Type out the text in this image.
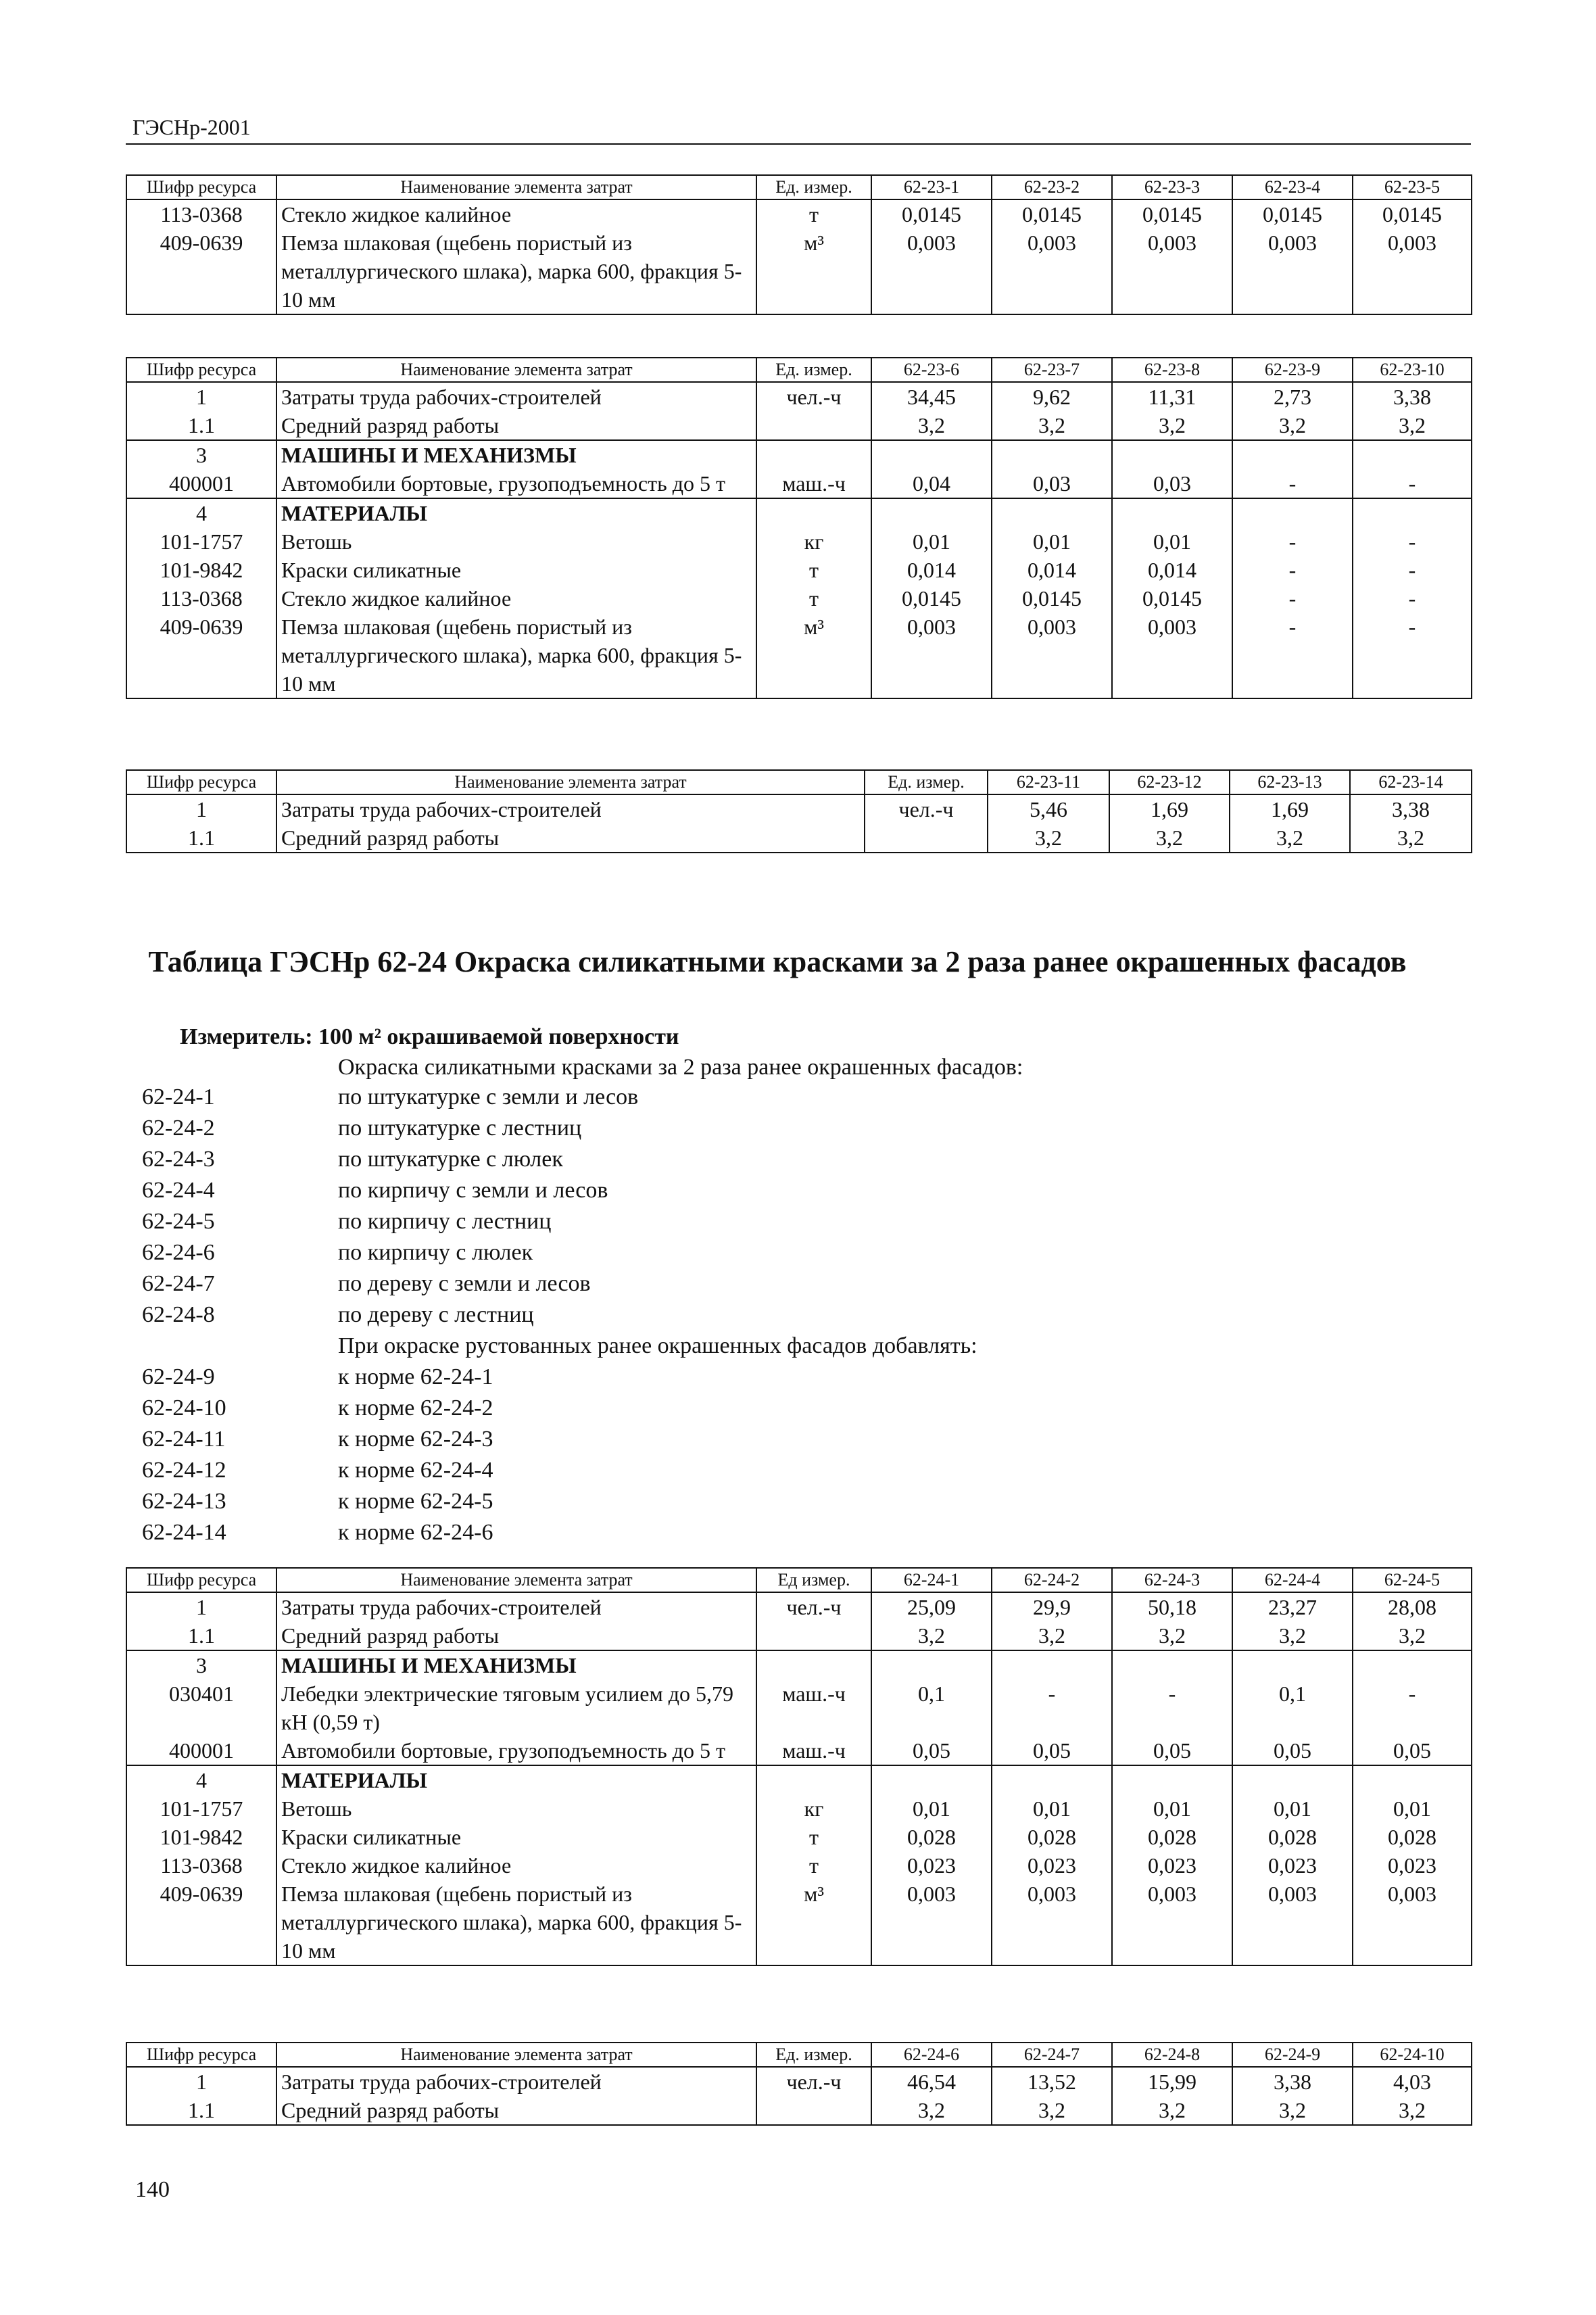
ГЭСНр-2001
Шифр ресурса	Наименование элемента затрат	Ед. измер.	62-23-1	62-23-2	62-23-3	62-23-4	62-23-5
113-0368	Стекло жидкое калийное	т	0,0145	0,0145	0,0145	0,0145	0,0145
409-0639	Пемза шлаковая (щебень пористый из металлургического шлака), марка 600, фракция 5-10 мм	м³	0,003	0,003	0,003	0,003	0,003
Шифр ресурса	Наименование элемента затрат	Ед. измер.	62-23-6	62-23-7	62-23-8	62-23-9	62-23-10
1	Затраты труда рабочих-строителей	чел.-ч	34,45	9,62	11,31	2,73	3,38
1.1	Средний разряд работы		3,2	3,2	3,2	3,2	3,2
3	МАШИНЫ И МЕХАНИЗМЫ						
400001	Автомобили бортовые, грузоподъемность до 5 т	маш.-ч	0,04	0,03	0,03	-	-
4	МАТЕРИАЛЫ						
101-1757	Ветошь	кг	0,01	0,01	0,01	-	-
101-9842	Краски силикатные	т	0,014	0,014	0,014	-	-
113-0368	Стекло жидкое калийное	т	0,0145	0,0145	0,0145	-	-
409-0639	Пемза шлаковая (щебень пористый из металлургического шлака), марка 600, фракция 5-10 мм	м³	0,003	0,003	0,003	-	-
Шифр ресурса	Наименование элемента затрат	Ед. измер.	62-23-11	62-23-12	62-23-13	62-23-14
1	Затраты труда рабочих-строителей	чел.-ч	5,46	1,69	1,69	3,38
1.1	Средний разряд работы		3,2	3,2	3,2	3,2
Таблица ГЭСНр 62-24 Окраска силикатными красками за 2 раза ранее окрашенных фасадов
Измеритель: 100 м² окрашиваемой поверхности
Окраска силикатными красками за 2 раза ранее окрашенных фасадов:
62-24-1	по штукатурке с земли и лесов
62-24-2	по штукатурке с лестниц
62-24-3	по штукатурке с люлек
62-24-4	по кирпичу с земли и лесов
62-24-5	по кирпичу с лестниц
62-24-6	по кирпичу с люлек
62-24-7	по дереву с земли и лесов
62-24-8	по дереву с лестниц
При окраске рустованных ранее окрашенных фасадов добавлять:
62-24-9	к норме 62-24-1
62-24-10	к норме 62-24-2
62-24-11	к норме 62-24-3
62-24-12	к норме 62-24-4
62-24-13	к норме 62-24-5
62-24-14	к норме 62-24-6
Шифр ресурса	Наименование элемента затрат	Ед измер.	62-24-1	62-24-2	62-24-3	62-24-4	62-24-5
1	Затраты труда рабочих-строителей	чел.-ч	25,09	29,9	50,18	23,27	28,08
1.1	Средний разряд работы		3,2	3,2	3,2	3,2	3,2
3	МАШИНЫ И МЕХАНИЗМЫ						
030401	Лебедки электрические тяговым усилием до 5,79 кН (0,59 т)	маш.-ч	0,1	-	-	0,1	-
400001	Автомобили бортовые, грузоподъемность до 5 т	маш.-ч	0,05	0,05	0,05	0,05	0,05
4	МАТЕРИАЛЫ						
101-1757	Ветошь	кг	0,01	0,01	0,01	0,01	0,01
101-9842	Краски силикатные	т	0,028	0,028	0,028	0,028	0,028
113-0368	Стекло жидкое калийное	т	0,023	0,023	0,023	0,023	0,023
409-0639	Пемза шлаковая (щебень пористый из металлургического шлака), марка 600, фракция 5-10 мм	м³	0,003	0,003	0,003	0,003	0,003
Шифр ресурса	Наименование элемента затрат	Ед. измер.	62-24-6	62-24-7	62-24-8	62-24-9	62-24-10
1	Затраты труда рабочих-строителей	чел.-ч	46,54	13,52	15,99	3,38	4,03
1.1	Средний разряд работы		3,2	3,2	3,2	3,2	3,2
140
